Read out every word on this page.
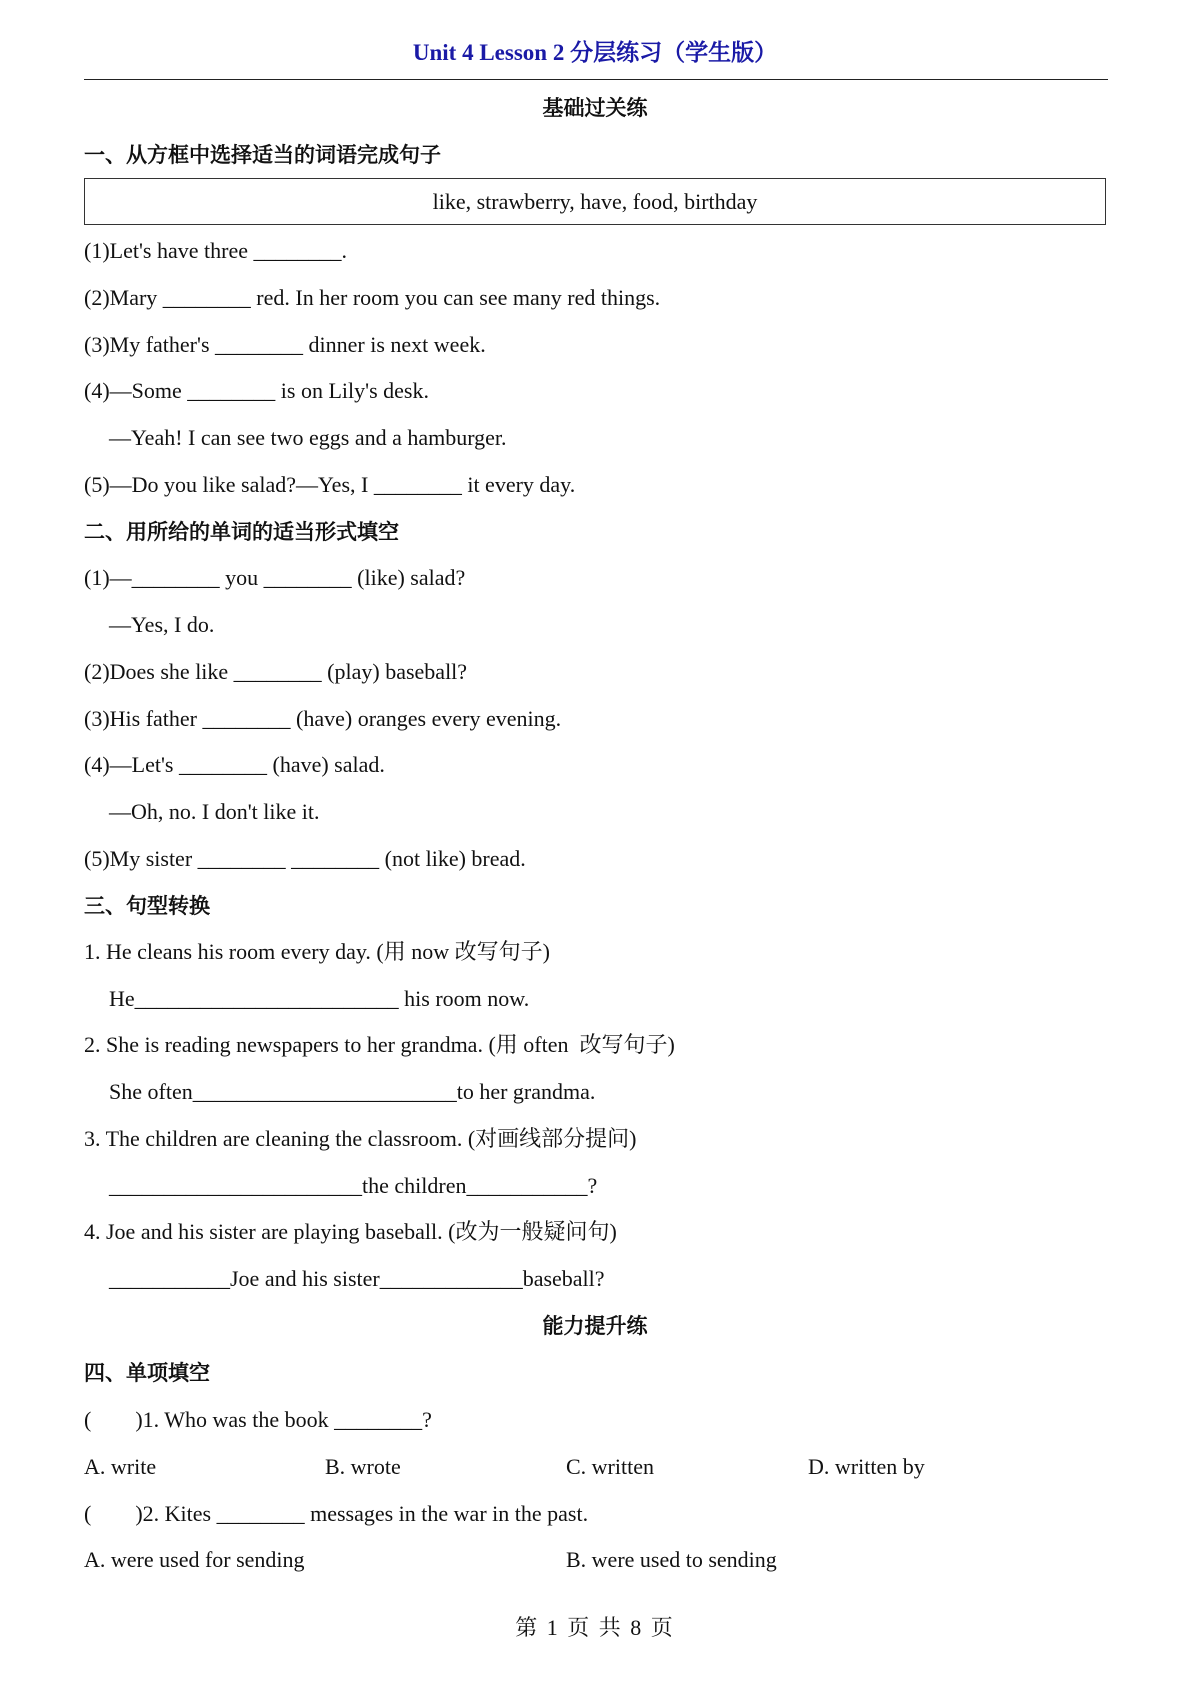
Unit 4 Lesson 2 分层练习（学生版）
基础过关练
一、从方框中选择适当的词语完成句子
like, strawberry, have, food, birthday
(1)Let's have three ________.
(2)Mary ________ red. In her room you can see many red things.
(3)My father's ________ dinner is next week.
(4)—Some ________ is on Lily's desk.
—Yeah! I can see two eggs and a hamburger.
(5)—Do you like salad?—Yes, I ________ it every day.
二、用所给的单词的适当形式填空
(1)—________ you ________ (like) salad?
—Yes, I do.
(2)Does she like ________ (play) baseball?
(3)His father ________ (have) oranges every evening.
(4)—Let's ________ (have) salad.
—Oh, no. I don't like it.
(5)My sister ________ ________ (not like) bread.
三、句型转换
1. He cleans his room every day. (用 now 改写句子)
He________________________ his room now.
2. She is reading newspapers to her grandma. (用 often  改写句子)
She often________________________to her grandma.
3. The children are cleaning the classroom. (对画线部分提问)
_______________________the children___________?
4. Joe and his sister are playing baseball. (改为一般疑问句)
___________Joe and his sister_____________baseball?
能力提升练
四、单项填空
(　　)1. Who was the book ________?
A. write	B. wrote	C. written	D. written by
(　　)2. Kites ________ messages in the war in the past.
A. were used for sending	B. were used to sending
第 1 页 共 8 页
